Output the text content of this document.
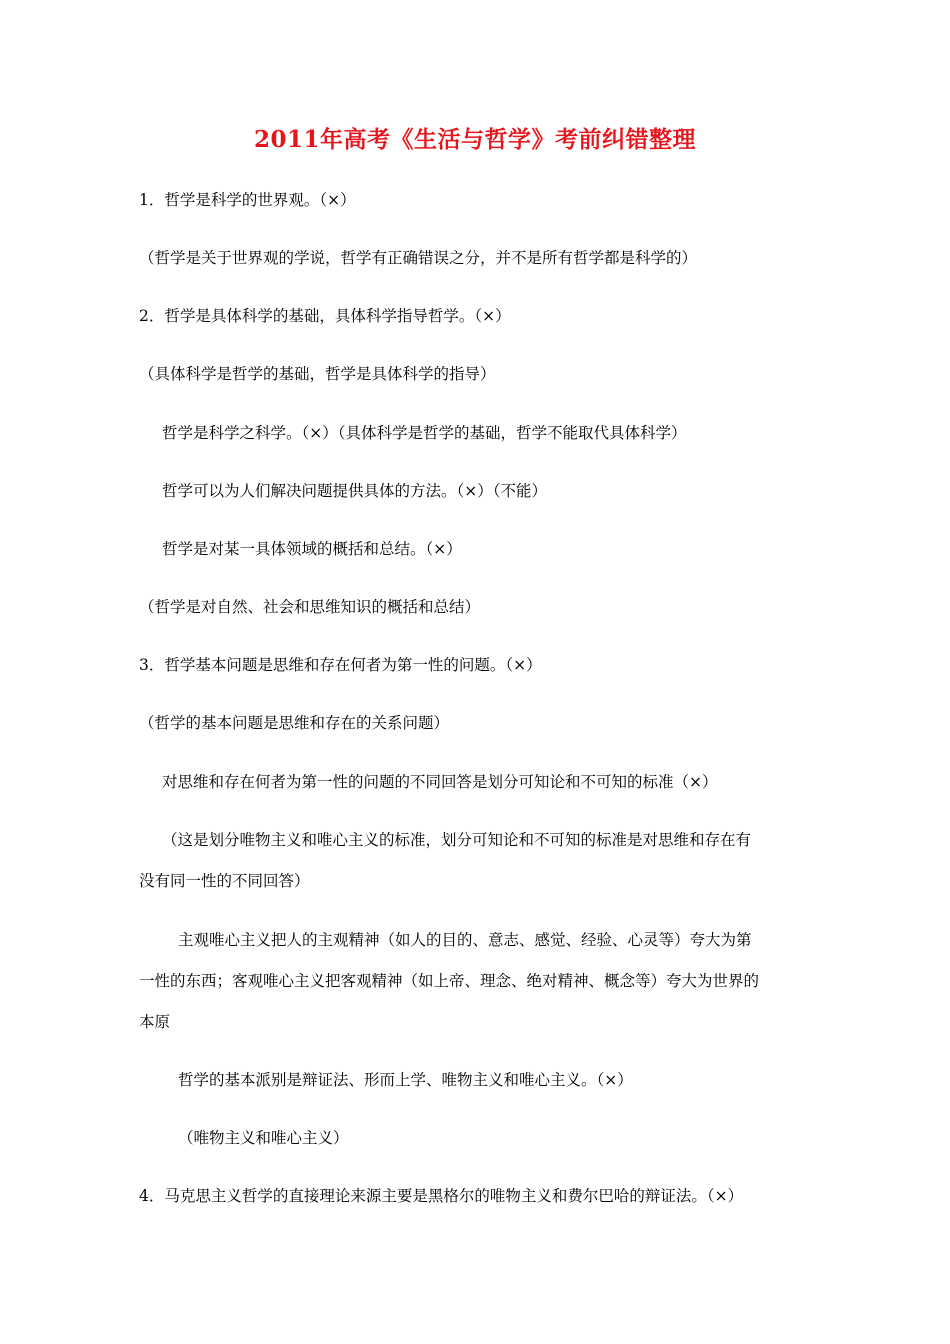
2011年高考《生活与哲学》考前纠错整理
1．哲学是科学的世界观。（×）
（哲学是关于世界观的学说，哲学有正确错误之分，并不是所有哲学都是科学的）
2．哲学是具体科学的基础，具体科学指导哲学。（×）
（具体科学是哲学的基础，哲学是具体科学的指导）
哲学是科学之科学。（×）（具体科学是哲学的基础，哲学不能取代具体科学）
哲学可以为人们解决问题提供具体的方法。（×）（不能）
哲学是对某一具体领域的概括和总结。（×）
（哲学是对自然、社会和思维知识的概括和总结）
3．哲学基本问题是思维和存在何者为第一性的问题。（×）
（哲学的基本问题是思维和存在的关系问题）
对思维和存在何者为第一性的问题的不同回答是划分可知论和不可知的标准（×）
（这是划分唯物主义和唯心主义的标准，划分可知论和不可知的标准是对思维和存在有
没有同一性的不同回答）
主观唯心主义把人的主观精神（如人的目的、意志、感觉、经验、心灵等）夸大为第
一性的东西；客观唯心主义把客观精神（如上帝、理念、绝对精神、概念等）夸大为世界的
本原
哲学的基本派别是辩证法、形而上学、唯物主义和唯心主义。（×）
（唯物主义和唯心主义）
4．马克思主义哲学的直接理论来源主要是黑格尔的唯物主义和费尔巴哈的辩证法。（×）
